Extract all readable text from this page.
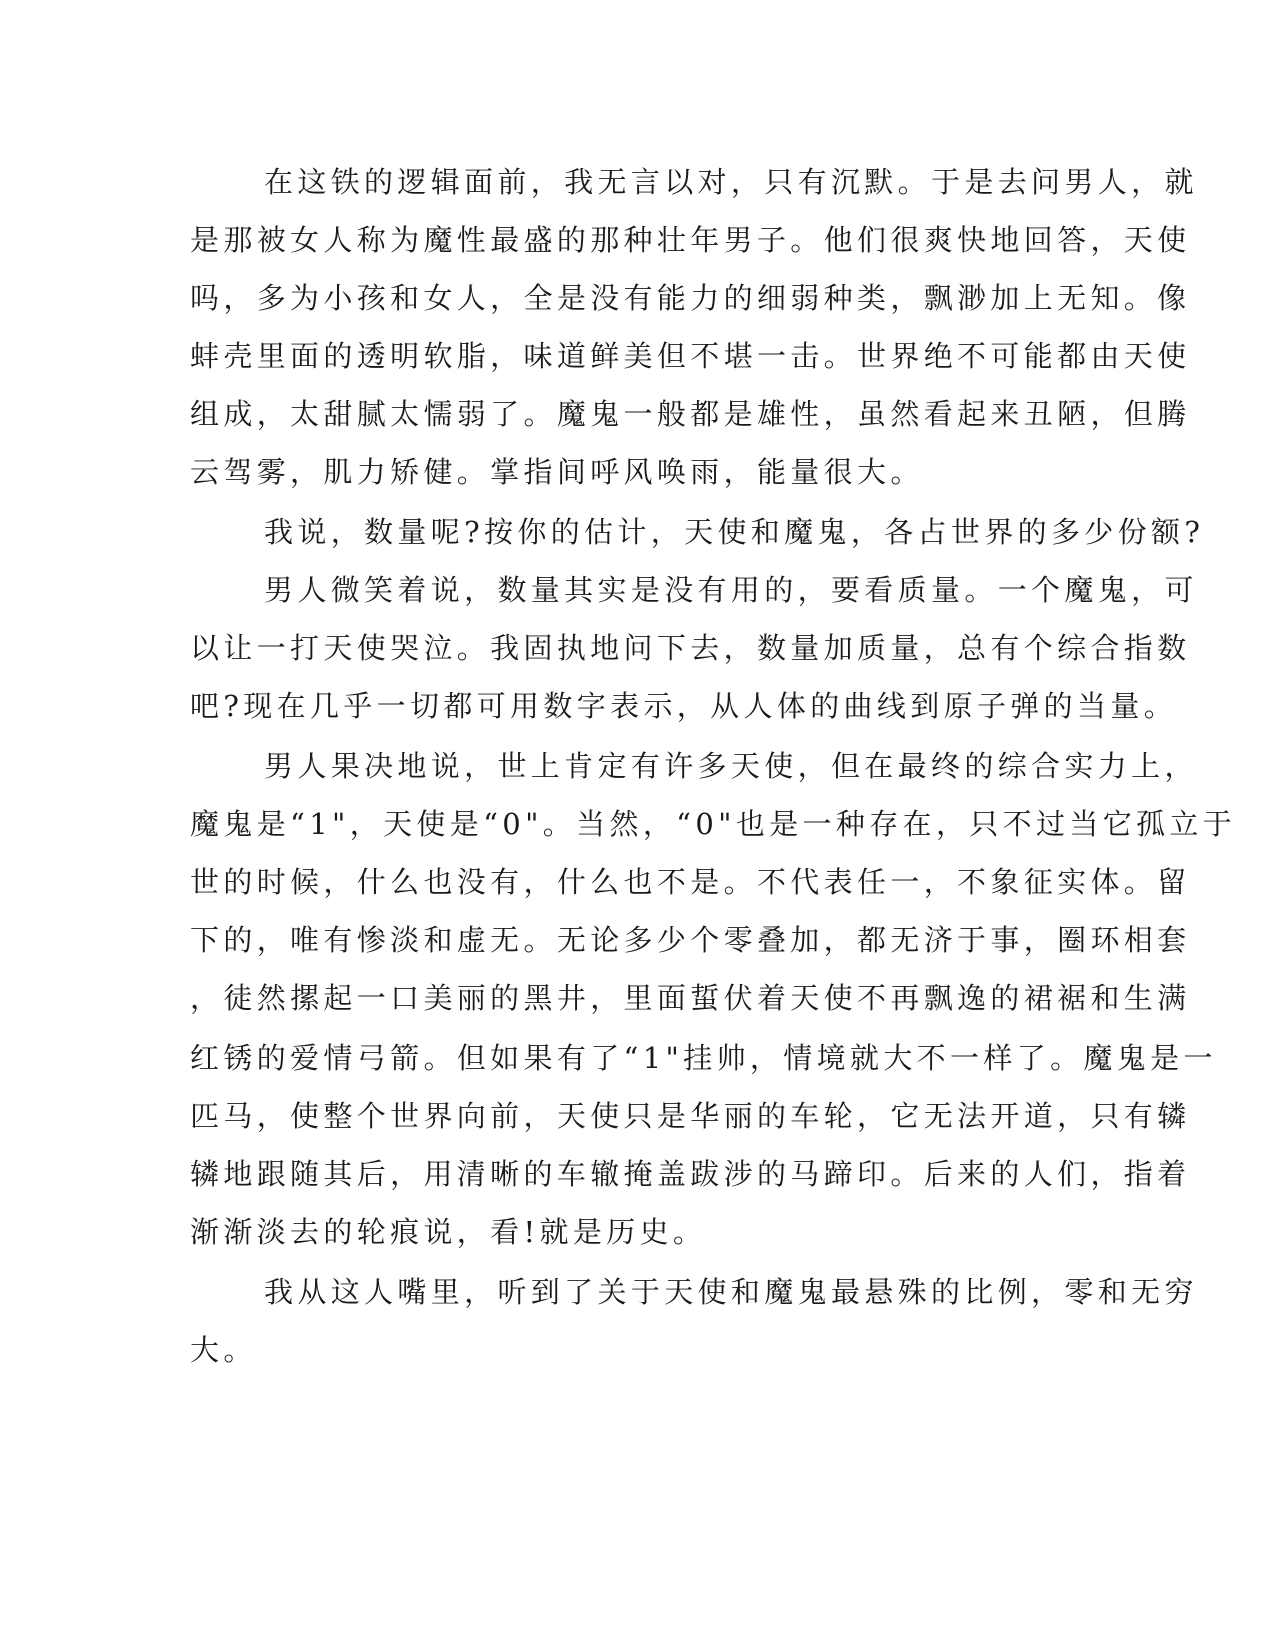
在这铁的逻辑面前，我无言以对，只有沉默。于是去问男人，就
是那被女人称为魔性最盛的那种壮年男子。他们很爽快地回答，天使
吗，多为小孩和女人，全是没有能力的细弱种类，飘渺加上无知。像
蚌壳里面的透明软脂，味道鲜美但不堪一击。世界绝不可能都由天使
组成，太甜腻太懦弱了。魔鬼一般都是雄性，虽然看起来丑陋，但腾
云驾雾，肌力矫健。掌指间呼风唤雨，能量很大。
我说，数量呢?按你的估计，天使和魔鬼，各占世界的多少份额?
男人微笑着说，数量其实是没有用的，要看质量。一个魔鬼，可
以让一打天使哭泣。我固执地问下去，数量加质量，总有个综合指数
吧?现在几乎一切都可用数字表示，从人体的曲线到原子弹的当量。
男人果决地说，世上肯定有许多天使，但在最终的综合实力上，
魔鬼是“1"，天使是“0"。当然，“0"也是一种存在，只不过当它孤立于
世的时候，什么也没有，什么也不是。不代表任一，不象征实体。留
下的，唯有惨淡和虚无。无论多少个零叠加，都无济于事，圈环相套
，徒然摞起一口美丽的黑井，里面蜇伏着天使不再飘逸的裙裾和生满
红锈的爱情弓箭。但如果有了“1"挂帅，情境就大不一样了。魔鬼是一
匹马，使整个世界向前，天使只是华丽的车轮，它无法开道，只有辚
辚地跟随其后，用清晰的车辙掩盖跋涉的马蹄印。后来的人们，指着
渐渐淡去的轮痕说，看!就是历史。
我从这人嘴里，听到了关于天使和魔鬼最悬殊的比例，零和无穷
大。
